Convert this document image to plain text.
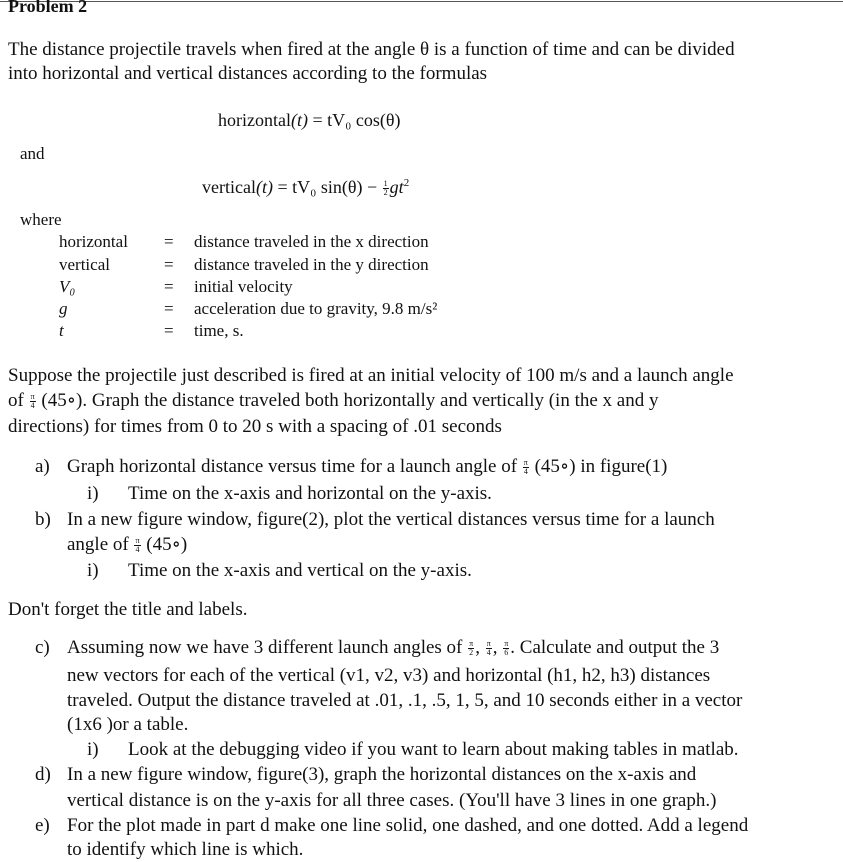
Problem 2
The distance projectile travels when fired at the angle θ is a function of time and can be divided
into horizontal and vertical distances according to the formulas
horizontal(t) = tV₀ cos(θ)
and
vertical(t) = tV₀ $\sin(\theta) - \frac{1}{2} gt^2$
where
horizontal = distance traveled in the x direction
vertical	= distance traveled in the y direction
V₀	= initial velocity
g	= acceleration due to gravity, 9.8 m/s²
t	= time, s.
Suppose the projectile just described is fired at an initial velocity of 100 m/s and a launch angle
of $\frac{\pi}{4}$ (45∘). Graph the distance traveled both horizontally and vertically (in the x and y
directions) for times from 0 to 20 s with a spacing of .01 seconds
a) Graph horizontal distance versus time for a launch angle of $\frac{\pi}{4}$ (45∘) in figure(1)
i) Time on the x-axis and horizontal on the y-axis.
b) In a new figure window, figure(2), plot the vertical distances versus time for a launch
angle of $\frac{\pi}{4}$ (45∘)
i) Time on the x-axis and vertical on the y-axis.
Don't forget the title and labels.
c) Assuming now we have 3 different launch angles of $\frac{\pi}{2}$ , $\frac{\pi}{4}$ , $\frac{\pi}{6}$ . Calculate and output the 3
new vectors for each of the vertical (v1, v2, v3) and horizontal (h1, h2, h3) distances
traveled. Output the distance traveled at .01, .1, .5, 1, 5, and 10 seconds either in a vector
(1x6 )or a table.
i) Look at the debugging video if you want to learn about making tables in matlab.
d) In a new figure window, figure(3), graph the horizontal distances on the x-axis and
vertical distance is on the y-axis for all three cases. (You'll have 3 lines in one graph.)
e) For the plot made in part d make one line solid, one dashed, and one dotted. Add a legend
to identify which line is which.
